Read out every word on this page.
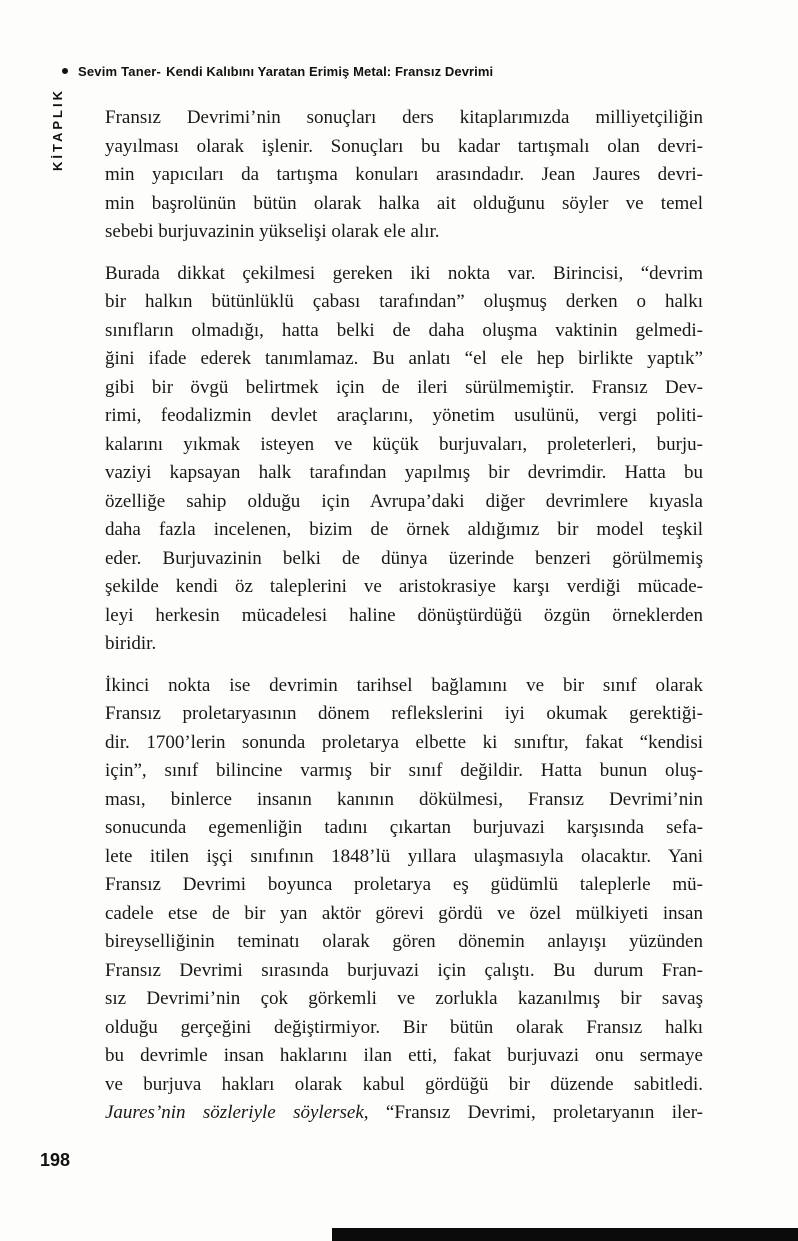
Sevim Taner- Kendi Kalıbını Yaratan Erimiş Metal: Fransız Devrimi
KİTAPLIK Fransız Devrimi’nin sonuçları ders kitaplarımızda milliyetçiliğin
yayılması olarak işlenir. Sonuçları bu kadar tartışmalı olan devri-
min yapıcıları da tartışma konuları arasındadır. Jean Jaures devri-
min başrolünün bütün olarak halka ait olduğunu söyler ve temel
sebebi burjuvazinin yükselişi olarak ele alır.
Burada dikkat çekilmesi gereken iki nokta var. Birincisi, “devrim
bir halkın bütünlüklü çabası tarafından” oluşmuş derken o halkı
sınıfların olmadığı, hatta belki de daha oluşma vaktinin gelmedi-
ğini ifade ederek tanımlamaz. Bu anlatı “el ele hep birlikte yaptık”
gibi bir övgü belirtmek için de ileri sürülmemiştir. Fransız Dev-
rimi, feodalizmin devlet araçlarını, yönetim usulünü, vergi politi-
kalarını yıkmak isteyen ve küçük burjuvaları, proleterleri, burju-
vaziyi kapsayan halk tarafından yapılmış bir devrimdir. Hatta bu
özelliğe sahip olduğu için Avrupa’daki diğer devrimlere kıyasla
daha fazla incelenen, bizim de örnek aldığımız bir model teşkil
eder. Burjuvazinin belki de dünya üzerinde benzeri görülmemiş
şekilde kendi öz taleplerini ve aristokrasiye karşı verdiği mücade-
leyi herkesin mücadelesi haline dönüştürdüğü özgün örneklerden
biridir.
İkinci nokta ise devrimin tarihsel bağlamını ve bir sınıf olarak
Fransız proletaryasının dönem reflekslerini iyi okumak gerektiği-
dir. 1700’lerin sonunda proletarya elbette ki sınıftır, fakat “kendisi
için”, sınıf bilincine varmış bir sınıf değildir. Hatta bunun oluş-
ması, binlerce insanın kanının dökülmesi, Fransız Devrimi’nin
sonucunda egemenliğin tadını çıkartan burjuvazi karşısında sefa-
lete itilen işçi sınıfının 1848’lü yıllara ulaşmasıyla olacaktır. Yani
Fransız Devrimi boyunca proletarya eş güdümlü taleplerle mü-
cadele etse de bir yan aktör görevi gördü ve özel mülkiyeti insan
bireyselliğinin teminatı olarak gören dönemin anlayışı yüzünden
Fransız Devrimi sırasında burjuvazi için çalıştı. Bu durum Fran-
sız Devrimi’nin çok görkemli ve zorlukla kazanılmış bir savaş
olduğu gerçeğini değiştirmiyor. Bir bütün olarak Fransız halkı
bu devrimle insan haklarını ilan etti, fakat burjuvazi onu sermaye
ve burjuva hakları olarak kabul gördüğü bir düzende sabitledi.
Jaures’nin sözleriyle söylersek, “Fransız Devrimi, proletaryanın iler-
198
